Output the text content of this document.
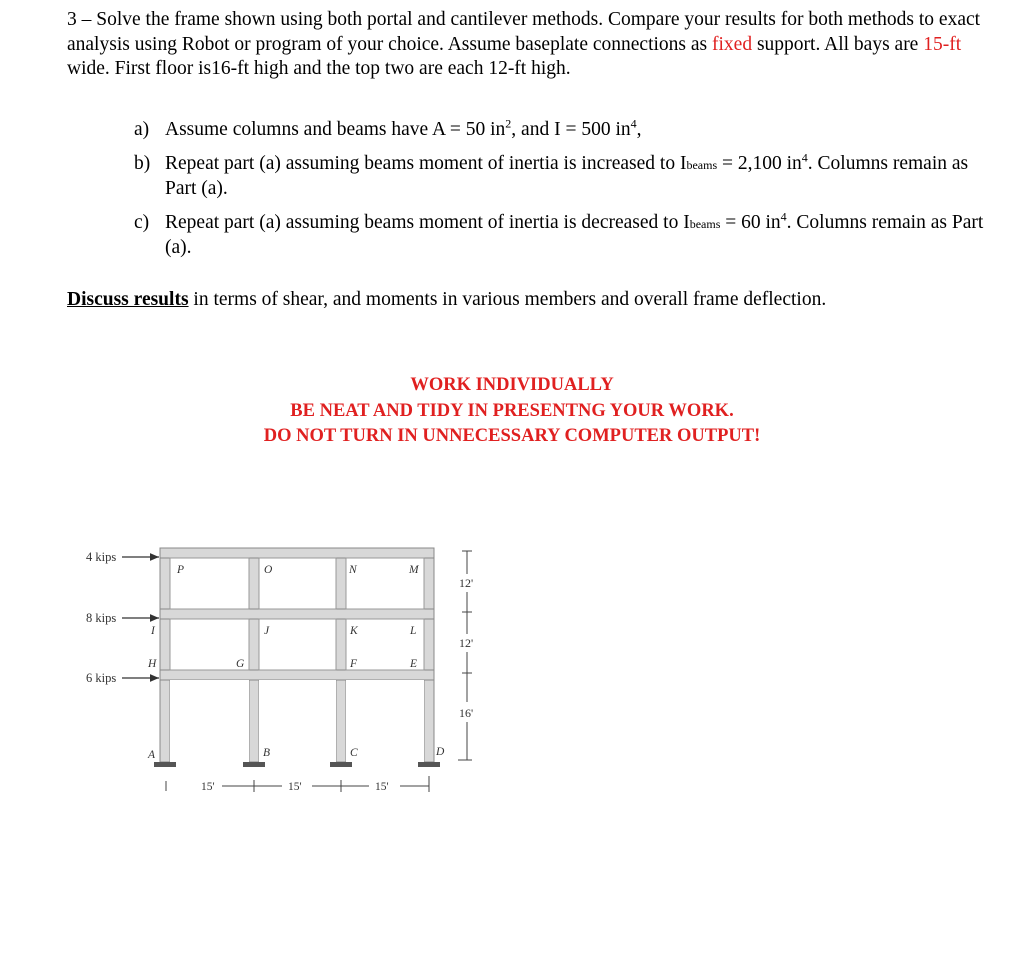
3 – Solve the frame shown using both portal and cantilever methods. Compare your results for both methods to exact analysis using Robot or program of your choice. Assume baseplate connections as fixed support. All bays are 15-ft wide. First floor is16-ft high and the top two are each 12-ft high.
a) Assume columns and beams have A = 50 $in^2$, and I = 500 $in^4$,
b) Repeat part (a) assuming beams moment of inertia is increased to Ibeams = 2,100 $in^4$. Columns remain as Part (a).
c) Repeat part (a) assuming beams moment of inertia is decreased to Ibeams = 60 $in^4$. Columns remain as Part (a).
Discuss results in terms of shear, and moments in various members and overall frame deflection.
WORK INDIVIDUALLY
BE NEAT AND TIDY IN PRESENTNG YOUR WORK.
DO NOT TURN IN UNNECESSARY COMPUTER OUTPUT!
4 kips
8 kips
6 kips
P	O	N	M
I	J	K	L
H	G	F	E
A	B	C	D
12'
12'
16'
15'	15'	15'
